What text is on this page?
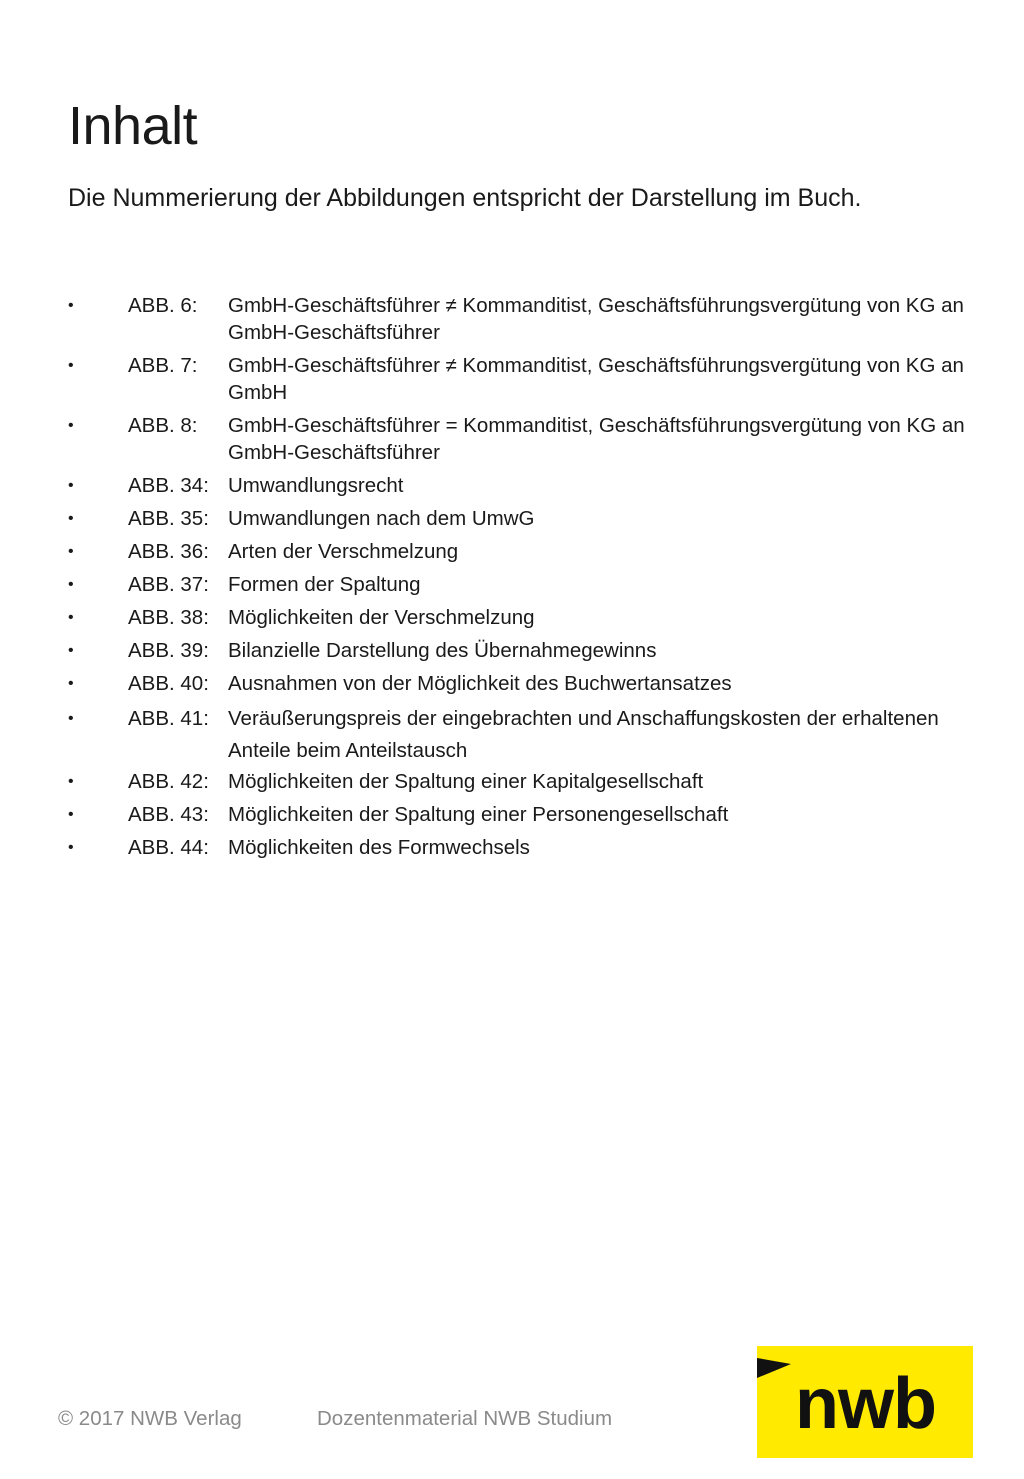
Inhalt

Die Nummerierung der Abbildungen entspricht der Darstellung im Buch.

•	ABB. 6:	GmbH-Geschäftsführer ≠ Kommanditist, Geschäftsführungsvergütung von KG an GmbH-Geschäftsführer
•	ABB. 7:	GmbH-Geschäftsführer ≠ Kommanditist, Geschäftsführungsvergütung von KG an GmbH
•	ABB. 8:	GmbH-Geschäftsführer = Kommanditist, Geschäftsführungsvergütung von KG an GmbH-Geschäftsführer
•	ABB. 34: Umwandlungsrecht
•	ABB. 35: Umwandlungen nach dem UmwG
•	ABB. 36: Arten der Verschmelzung
•	ABB. 37: Formen der Spaltung
•	ABB. 38: Möglichkeiten der Verschmelzung
•	ABB. 39: Bilanzielle Darstellung des Übernahmegewinns
•	ABB. 40: Ausnahmen von der Möglichkeit des Buchwertansatzes
•	ABB. 41: Veräußerungspreis der eingebrachten und Anschaffungskosten der erhaltenen Anteile beim Anteilstausch
•	ABB. 42: Möglichkeiten der Spaltung einer Kapitalgesellschaft
•	ABB. 43: Möglichkeiten der Spaltung einer Personengesellschaft
•	ABB. 44: Möglichkeiten des Formwechsels
© 2017 NWB Verlag	Dozentenmaterial NWB Studium	nwb
